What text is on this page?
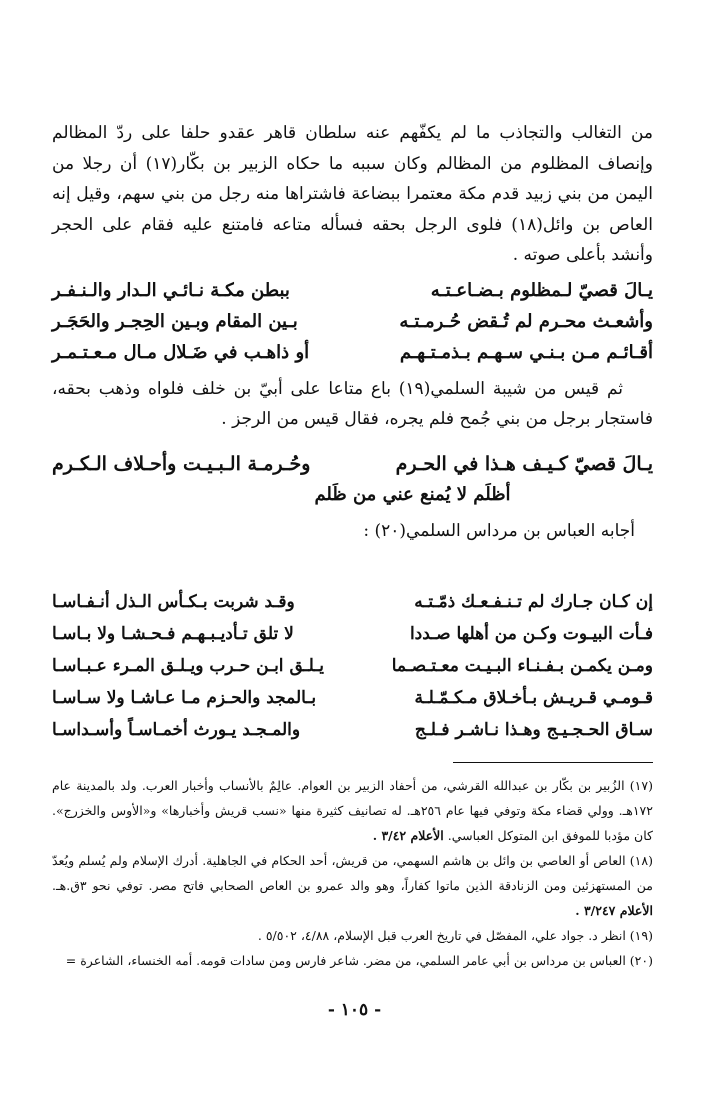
من التغالب والتجاذب ما لم يكفّهم عنه سلطان قاهر عقدو حلفا على ردّ المظالم وإنصاف المظلوم من المظالم وكان سببه ما حكاه الزبير بن بكّار(١٧) أن رجلا من اليمن من بني زبيد قدم مكة معتمرا ببضاعة فاشتراها منه رجل من بني سهم، وقيل إنه العاص بن وائل(١٨) فلوى الرجل بحقه فسأله متاعه فامتنع عليه فقام على الحجر وأنشد بأعلى صوته .

يـالَ قصيّ لـمظلوم بـضـاعـتـه
ببطن مكـة نـائـي الـدار والـنـفـر
وأشعـث محـرم لم تُـقض حُـرمـتـه
بـين المقام وبـين الحِجـر والحَجَـر
أقـائـم مـن بـنـي سـهـم بـذمـتـهـم
أو ذاهـب في ضَـلال مـال مـعـتـمـر

ثم قيس من شيبة السلمي(١٩) باع متاعا على أبيّ بن خلف فلواه وذهب بحقه، فاستجار برجل من بني جُمح فلم يجره، فقال قيس من الرجز .

يـالَ قصيّ كـيـف هـذا في الحـرم
وحُـرمـة الـبـيـت وأحـلاف الـكـرم
أظلَم لا يُمنع عني من ظَلم
أجابه العباس بن مرداس السلمي(٢٠) :
إن كـان جـارك لم تـنـفـعـك ذمّـتـه
وقـد شربت بـكـأس الـذل أنـفـاسـا
فـأت البيـوت وكـن من أهلها صـددا
لا تلق تـأديـبـهـم فـحـشـا ولا بـاسـا
ومـن يكمـن بـفـنـاء البـيـت معـتـصـما
يـلـق ابـن حـرب ويـلـق المـرء عـبـاسـا
قـومـي قـريـش بـأخـلاق مـكـمّـلـة
بـالمجد والحـزم مـا عـاشـا ولا سـاسـا
سـاق الحـجـيـج وهـذا نـاشـر فـلـج
والمـجـد يـورث أخمـاسـاً وأسـداسـا

(١٧) الزُبير بن بكّار بن عبدالله القرشي، من أحفاد الزبير بن العوام. عالِمٌ بالأنساب وأخبار العرب. ولد بالمدينة عام ١٧٢هـ. وولي قضاء مكة وتوفي فيها عام ٢٥٦هـ. له تصانيف كثيرة منها «نسب قريش وأخبارها» و«الأوس والخزرج». كان مؤدبا للموفق ابن المتوكل العباسي. الأعلام ٣/٤٢ .

(١٨) العاص أو العاصي بن وائل بن هاشم السهمي، من قريش، أحد الحكام في الجاهلية. أدرك الإسلام ولم يُسلم ويُعدّ من المستهزئين ومن الزنادقة الذين ماتوا كفاراً، وهو والد عمرو بن العاص الصحابي فاتح مصر. توفي نحو ٣ق.هـ. الأعلام ٣/٢٤٧ .

(١٩) انظر د. جواد علي، المفصّل في تاريخ العرب قبل الإسلام، ٤/٨٨، ٥/٥٠٢ .

(٢٠) العباس بن مرداس بن أبي عامر السلمي، من مضر. شاعر فارس ومن سادات قومه. أمه الخنساء، الشاعرة =

- ١٠٥ -
